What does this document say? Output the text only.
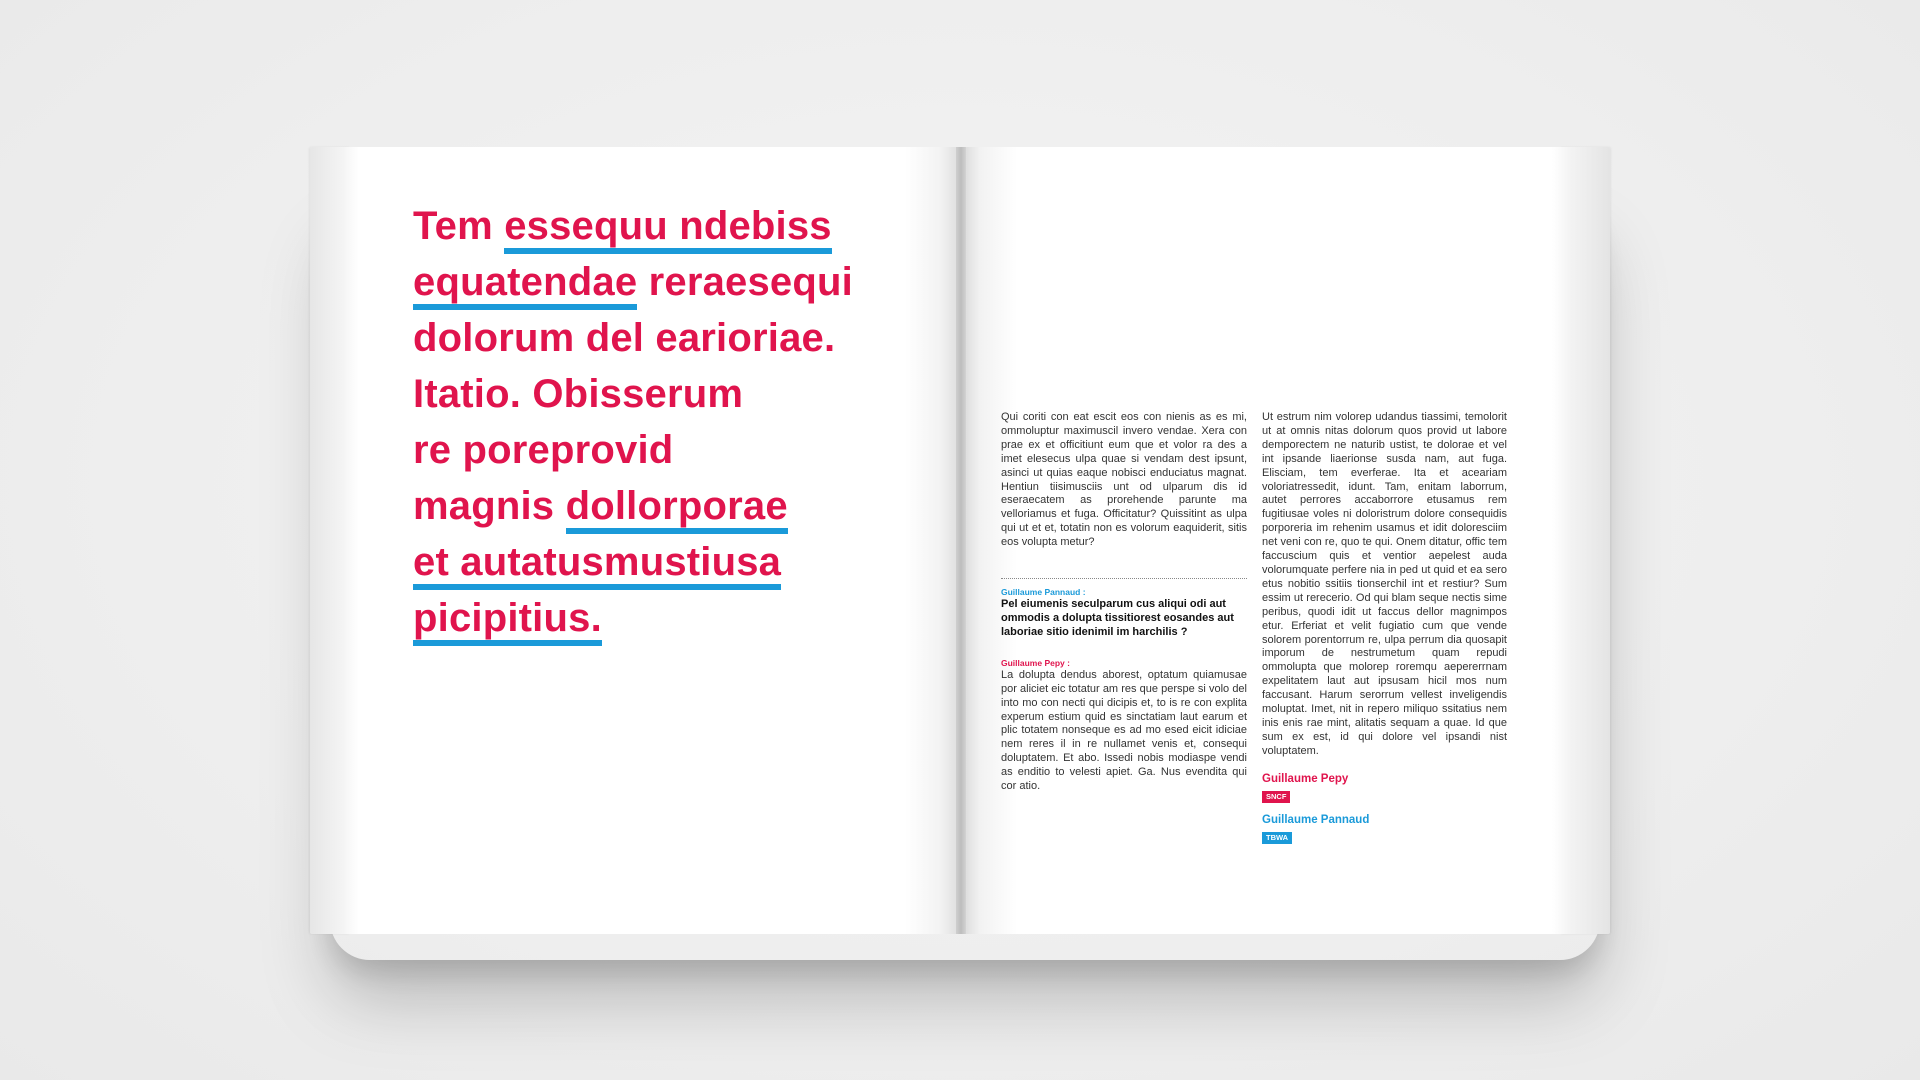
Tem essequu ndebiss
equatendae reraesequi
dolorum del earioriae.
Itatio. Obisserum
re poreprovid
magnis dollorporae
et autatusmustiusa
picipitius.

Qui coriti con eat escit eos con nienis as es mi, ommoluptur maximuscil invero vendae. Xera con prae ex et officitiunt eum que et volor ra des a imet elesecus ulpa quae si vendam dest ipsunt, asinci ut quias eaque nobisci enduciatus magnat. Hentiun tiisimusciis unt od ulparum dis id eseraecatem as prorehende parunte ma velloriamus et fuga. Officitatur? Quissitint as ulpa qui ut et et, totatin non es volorum eaquiderit, sitis eos volupta metur?

Guillaume Pannaud :

Pel eiumenis seculparum cus aliqui odi aut ommodis a dolupta tissitiorest eosandes aut laboriae sitio idenimil im harchilis ?

Guillaume Pepy :

La dolupta dendus aborest, optatum quiamusae por aliciet eic totatur am res que perspe si volo del into mo con necti qui dicipis et, to is re con explita experum estium quid es sinctatiam laut earum et plic totatem nonseque es ad mo esed eicit idiciae nem reres il in re nullamet venis et, consequi doluptatem. Et abo. Issedi nobis modiaspe vendi as enditio to velesti apiet. Ga. Nus evendita qui cor atio.

Ut estrum nim volorep udandus tiassimi, temolorit ut at omnis nitas dolorum quos provid ut labore demporectem ne naturib ustist, te dolorae et vel int ipsande liaerionse susda nam, aut fuga. Elisciam, tem everferae. Ita et aceariam voloriatressedit, idunt. Tam, enitam laborrum, autet perrores accaborrore etusamus rem fugitiusae voles ni doloristrum dolore consequidis porporeria im rehenim usamus et idit doloresciim net veni con re, quo te qui. Onem ditatur, offic tem faccuscium quis et ventior aepelest auda volorumquate perfere nia in ped ut quid et ea sero etus nobitio ssitiis tionserchil int et restiur? Sum essim ut rerecerio. Od qui blam seque nectis sime peribus, quodi idit ut faccus dellor magnimpos etur. Erferiat et velit fugiatio cum que vende solorem porentorrum re, ulpa perrum dia quosapit imporum de nestrumetum quam repudi ommolupta que molorep roremqu aepererrnam expelitatem laut aut ipsusam hicil mos num faccusant. Harum serorrum vellest inveligendis moluptat. Imet, nit in repero miliquo ssitatius nem inis enis rae mint, alitatis sequam a quae. Id que sum ex est, id qui dolore vel ipsandi nist voluptatem.

Guillaume Pepy
SNCF
Guillaume Pannaud
TBWA
